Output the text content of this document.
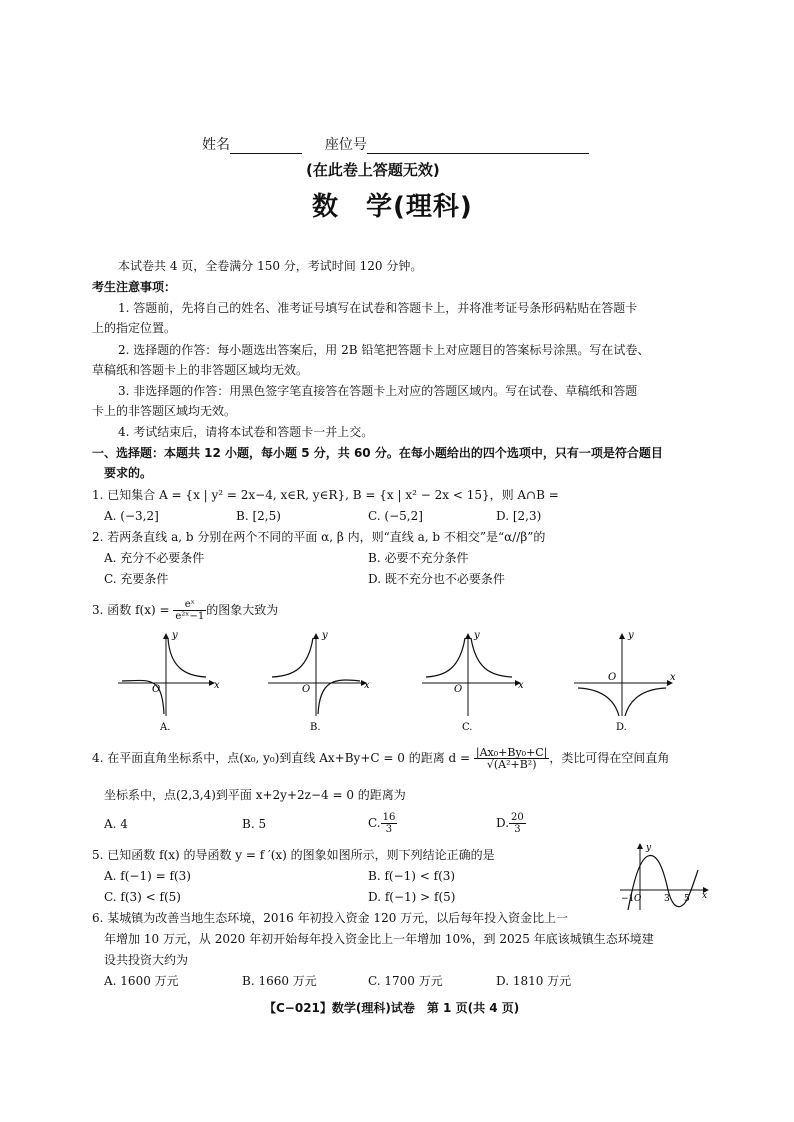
姓名	座位号
(在此卷上答题无效)
数　学(理科)
本试卷共 4 页，全卷满分 150 分，考试时间 120 分钟。
考生注意事项：
1. 答题前，先将自己的姓名、准考证号填写在试卷和答题卡上，并将准考证号条形码粘贴在答题卡
上的指定位置。
2. 选择题的作答：每小题选出答案后，用 2B 铅笔把答题卡上对应题目的答案标号涂黑。写在试卷、
草稿纸和答题卡上的非答题区域均无效。
3. 非选择题的作答：用黑色签字笔直接答在答题卡上对应的答题区域内。写在试卷、草稿纸和答题
卡上的非答题区域均无效。
4. 考试结束后，请将本试卷和答题卡一并上交。
一、选择题：本题共 12 小题，每小题 5 分，共 60 分。在每小题给出的四个选项中，只有一项是符合题目
要求的。
1. 已知集合 A = {x | y² = 2x−4, x∈R, y∈R}, B = {x | x² − 2x < 15}，则 A∩B =
A. (−3,2]	B. [2,5)	C. (−5,2]	D. [2,3)
2. 若两条直线 a, b 分别在两个不同的平面 α, β 内，则“直线 a, b 不相交”是“α//β”的
A. 充分不必要条件	B. 必要不充分条件
C. 充要条件	D. 既不充分也不必要条件
3. 函数 $f(x) = \frac{\text{eˣ}}{\text{e²ˣ−1}}$ 的图象大致为
y
x
O
A.
y
x
O
B.
y
x
O
C.
y
x
O
D.
4. 在平面直角坐标系中，点(x₀, y₀)到直线 Ax+By+C = 0 的距离 $d = \frac{\text{|Ax₀+By₀+C|}}{\text{√(A²+B²)}}$ ，类比可得在空间直角
坐标系中，点(2,3,4)到平面 x+2y+2z−4 = 0 的距离为
A. 4	B. 5	C. $\frac{16}{3}$	D. $\frac{20}{3}$
5. 已知函数 f(x) 的导函数 y = f ′(x) 的图象如图所示，则下列结论正确的是
A. f(−1) = f(3)	B. f(−1) < f(3)
C. f(3) < f(5)	D. f(−1) > f(5)
y
x
−1 O	3 5
6. 某城镇为改善当地生态环境，2016 年初投入资金 120 万元，以后每年投入资金比上一
年增加 10 万元，从 2020 年初开始每年投入资金比上一年增加 10%，到 2025 年底该城镇生态环境建
设共投资大约为
A. 1600 万元	B. 1660 万元	C. 1700 万元	D. 1810 万元
【C−021】数学(理科)试卷　第 1 页(共 4 页)
